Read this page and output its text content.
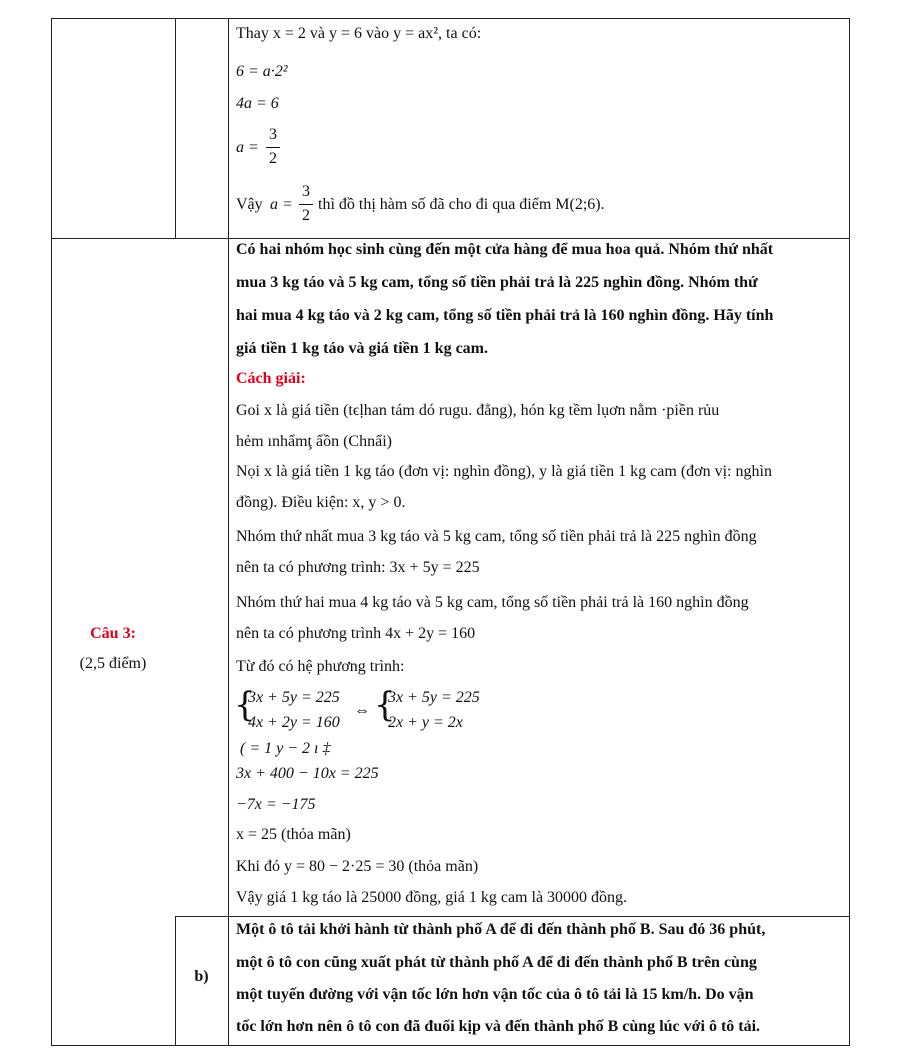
Thay x = 2 và y = 6 vào y = ax², ta có:
6 = a·2²
4a = 6
a =
3
2
Vậy a =
3
2
thì đồ thị hàm số đã cho đi qua điểm M(2;6).
Câu 3:
(2,5 điểm)
Có hai nhóm học sinh cùng đến một cửa hàng để mua hoa quả. Nhóm thứ nhất
mua 3 kg táo và 5 kg cam, tổng số tiền phải trả là 225 nghìn đồng. Nhóm thứ
hai mua 4 kg táo và 2 kg cam, tổng số tiền phải trả là 160 nghìn đồng. Hãy tính
giá tiền 1 kg táo và giá tiền 1 kg cam.
Cách giải:
Goi x là giá tiền (tϵḷhan tám dó rugu. đẳng), hón kg tềm lụơn nằm ·piền rủu
hẻm ınhẩmţ ẩồn (Chnẩi)
Nọi x là giá tiền 1 kg táo (đơn vị: nghìn đồng), y là giá tiền 1 kg cam (đơn vị: nghìn
đồng). Điều kiện: x, y > 0.
Nhóm thứ nhất mua 3 kg táo và 5 kg cam, tổng số tiền phải trả là 225 nghìn đồng
nên ta có phương trình: 3x + 5y = 225
Nhóm thứ hai mua 4 kg táo và 5 kg cam, tổng số tiền phải trả là 160 nghìn đồng
nên ta có phương trình 4x + 2y = 160
Từ đó có hệ phương trình:
{
3x + 5y = 225
4x + 2y = 160
⇔ {
3x + 5y = 225
2x + y = 2x
( = 1 y − 2 ı ‡
3x + 400 − 10x = 225
−7x = −175
x = 25 (thỏa mãn)
Khi đó y = 80 − 2·25 = 30 (thỏa mãn)
Vậy giá 1 kg táo là 25000 đồng, giá 1 kg cam là 30000 đồng.
b)
Một ô tô tải khởi hành từ thành phố A để đi đến thành phố B. Sau đó 36 phút,
một ô tô con cũng xuất phát từ thành phố A để đi đến thành phố B trên cùng
một tuyến đường với vận tốc lớn hơn vận tốc của ô tô tải là 15 km/h. Do vận
tốc lớn hơn nên ô tô con đã đuổi kịp và đến thành phố B cùng lúc với ô tô tải.
